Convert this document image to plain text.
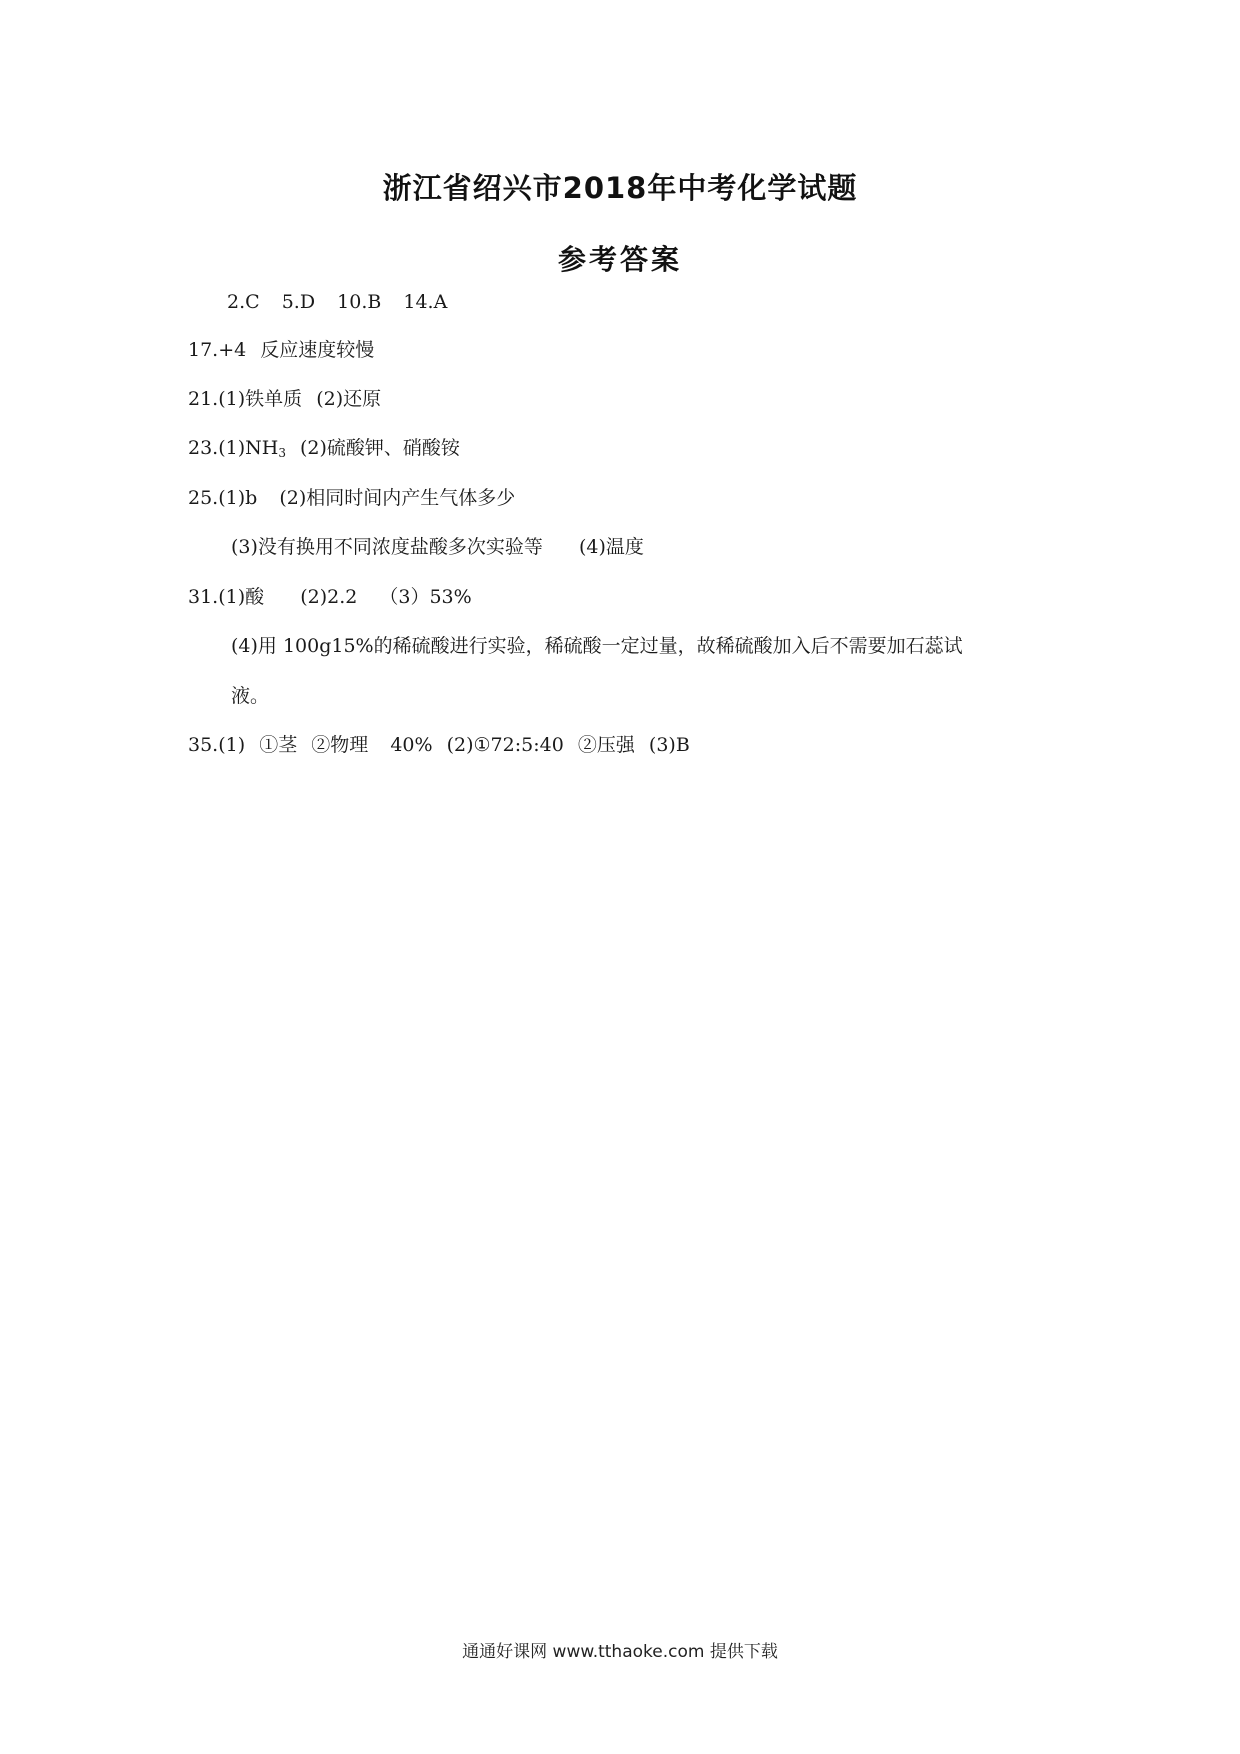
浙江省绍兴市2018年中考化学试题
参考答案
2.C 5.D 10.B 14.A
17.+4 反应速度较慢
21.(1)铁单质 (2)还原
$23.(1)NH_3$ (2)硫酸钾、硝酸铵
25.(1)b (2)相同时间内产生气体多少
(3)没有换用不同浓度盐酸多次实验等 (4)温度
31.(1)酸 (2)2.2 （3）53%
(4)用 100g15%的稀硫酸进行实验，稀硫酸一定过量，故稀硫酸加入后不需要加石蕊试
液。
35.(1) ①茎 ②物理 40% (2)①72:5:40 ②压强 (3)B
通通好课网 www.tthaoke.com 提供下载
